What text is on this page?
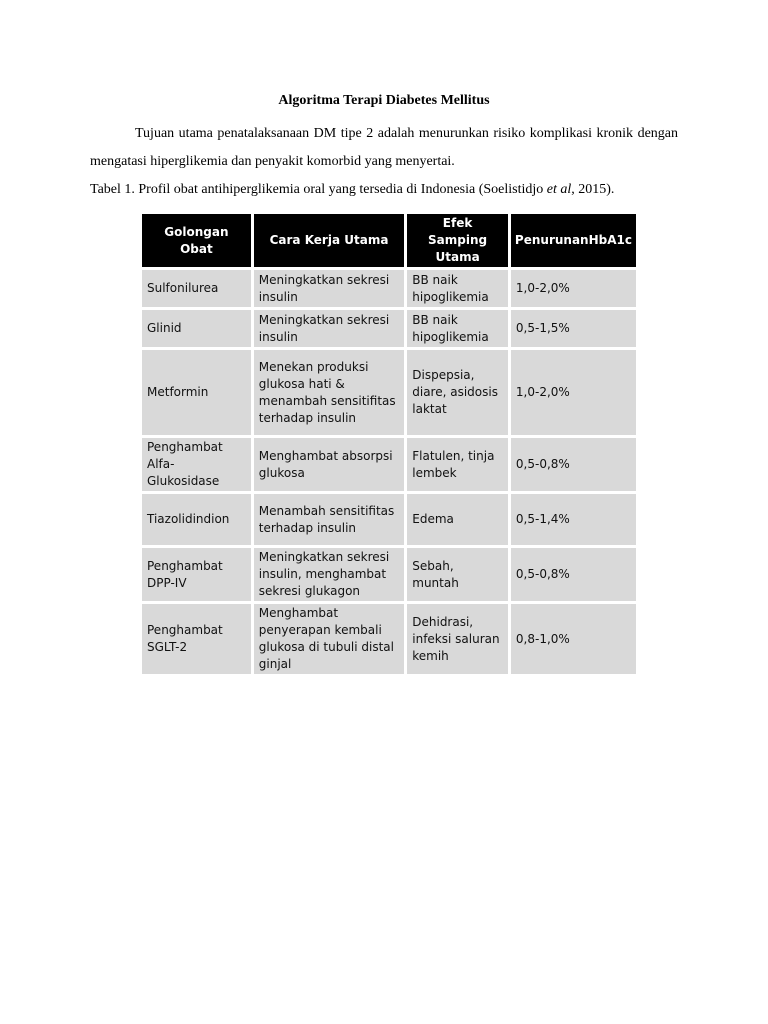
Algoritma Terapi Diabetes Mellitus
Tujuan utama penatalaksanaan DM tipe 2 adalah menurunkan risiko komplikasi kronik dengan mengatasi hiperglikemia dan penyakit komorbid yang menyertai.
Tabel 1. Profil obat antihiperglikemia oral yang tersedia di Indonesia (Soelistidjo et al, 2015).
Golongan Obat	Cara Kerja Utama	Efek Samping Utama	PenurunanHbA1c
Sulfonilurea	Meningkatkan sekresi insulin	BB naik hipoglikemia	1,0-2,0%
Glinid	Meningkatkan sekresi insulin	BB naik hipoglikemia	0,5-1,5%
Metformin	Menekan produksi glukosa hati & menambah sensitifitas terhadap insulin	Dispepsia, diare, asidosis laktat	1,0-2,0%
Penghambat Alfa-Glukosidase	Menghambat absorpsi glukosa	Flatulen, tinja lembek	0,5-0,8%
Tiazolidindion	Menambah sensitifitas terhadap insulin	Edema	0,5-1,4%
Penghambat DPP-IV	Meningkatkan sekresi insulin, menghambat sekresi glukagon	Sebah, muntah	0,5-0,8%
Penghambat SGLT-2	Menghambat penyerapan kembali glukosa di tubuli distal ginjal	Dehidrasi, infeksi saluran kemih	0,8-1,0%
